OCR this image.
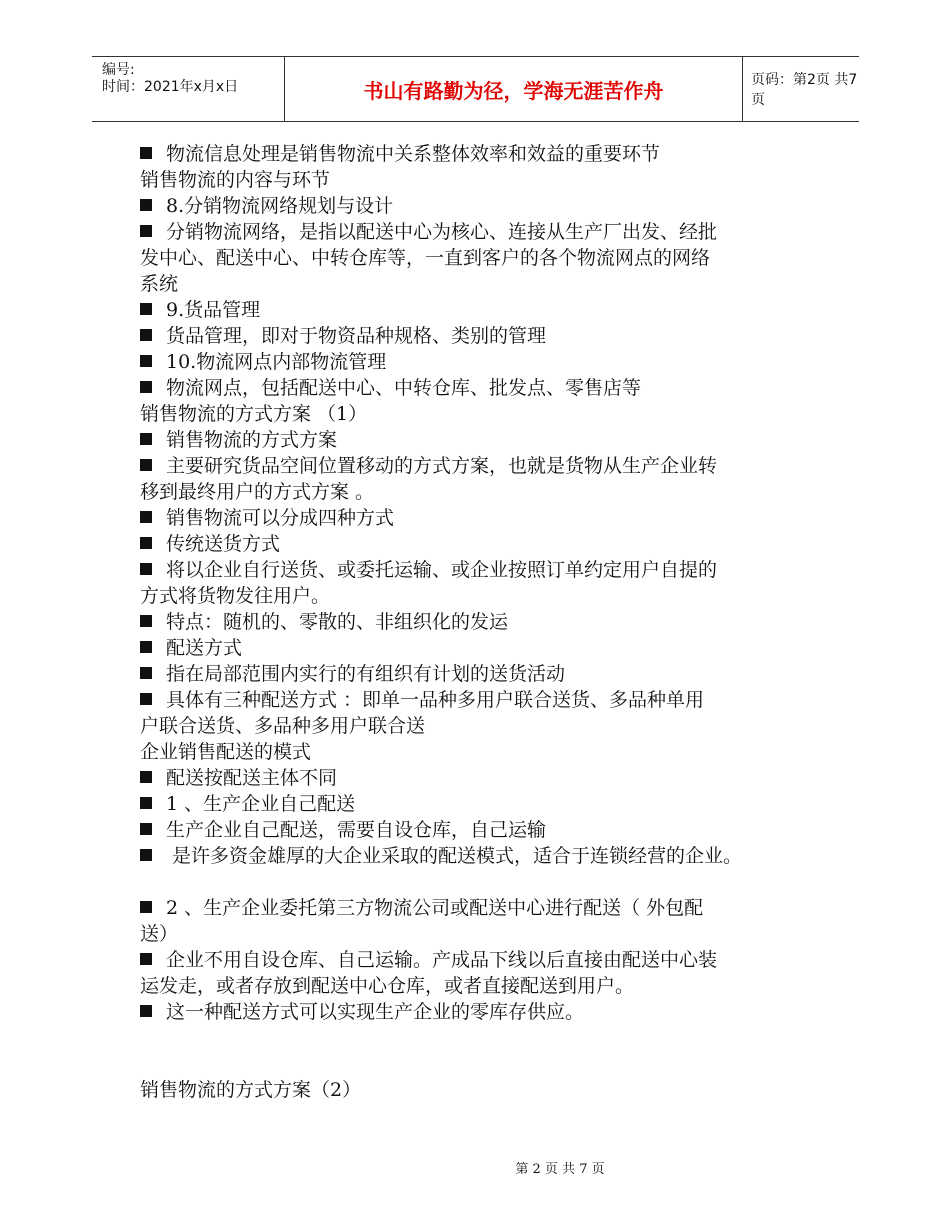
编号:
时间：2021年x月x日	书山有路勤为径，学海无涯苦作舟	页码：第2页 共7页
物流信息处理是销售物流中关系整体效率和效益的重要环节
销售物流的内容与环节
8.分销物流网络规划与设计
分销物流网络，是指以配送中心为核心、连接从生产厂出发、经批
发中心、配送中心、中转仓库等，一直到客户的各个物流网点的网络
系统
9.货品管理
货品管理，即对于物资品种规格、类别的管理
10.物流网点内部物流管理
物流网点，包括配送中心、中转仓库、批发点、零售店等
销售物流的方式方案 （1）
销售物流的方式方案
主要研究货品空间位置移动的方式方案，也就是货物从生产企业转
移到最终用户的方式方案 。
销售物流可以分成四种方式
传统送货方式
将以企业自行送货、或委托运输、或企业按照订单约定用户自提的
方式将货物发往用户。
特点：随机的、零散的、非组织化的发运
配送方式
指在局部范围内实行的有组织有计划的送货活动
具体有三种配送方式 ：即单一品种多用户联合送货、多品种单用
户联合送货、多品种多用户联合送
企业销售配送的模式
配送按配送主体不同
1 、生产企业自己配送
生产企业自己配送，需要自设仓库，自己运输
是许多资金雄厚的大企业采取的配送模式，适合于连锁经营的企业。
2 、生产企业委托第三方物流公司或配送中心进行配送（ 外包配
送）
企业不用自设仓库、自己运输。产成品下线以后直接由配送中心装
运发走，或者存放到配送中心仓库，或者直接配送到用户。
这一种配送方式可以实现生产企业的零库存供应。
销售物流的方式方案（2）
第 2 页 共 7 页
